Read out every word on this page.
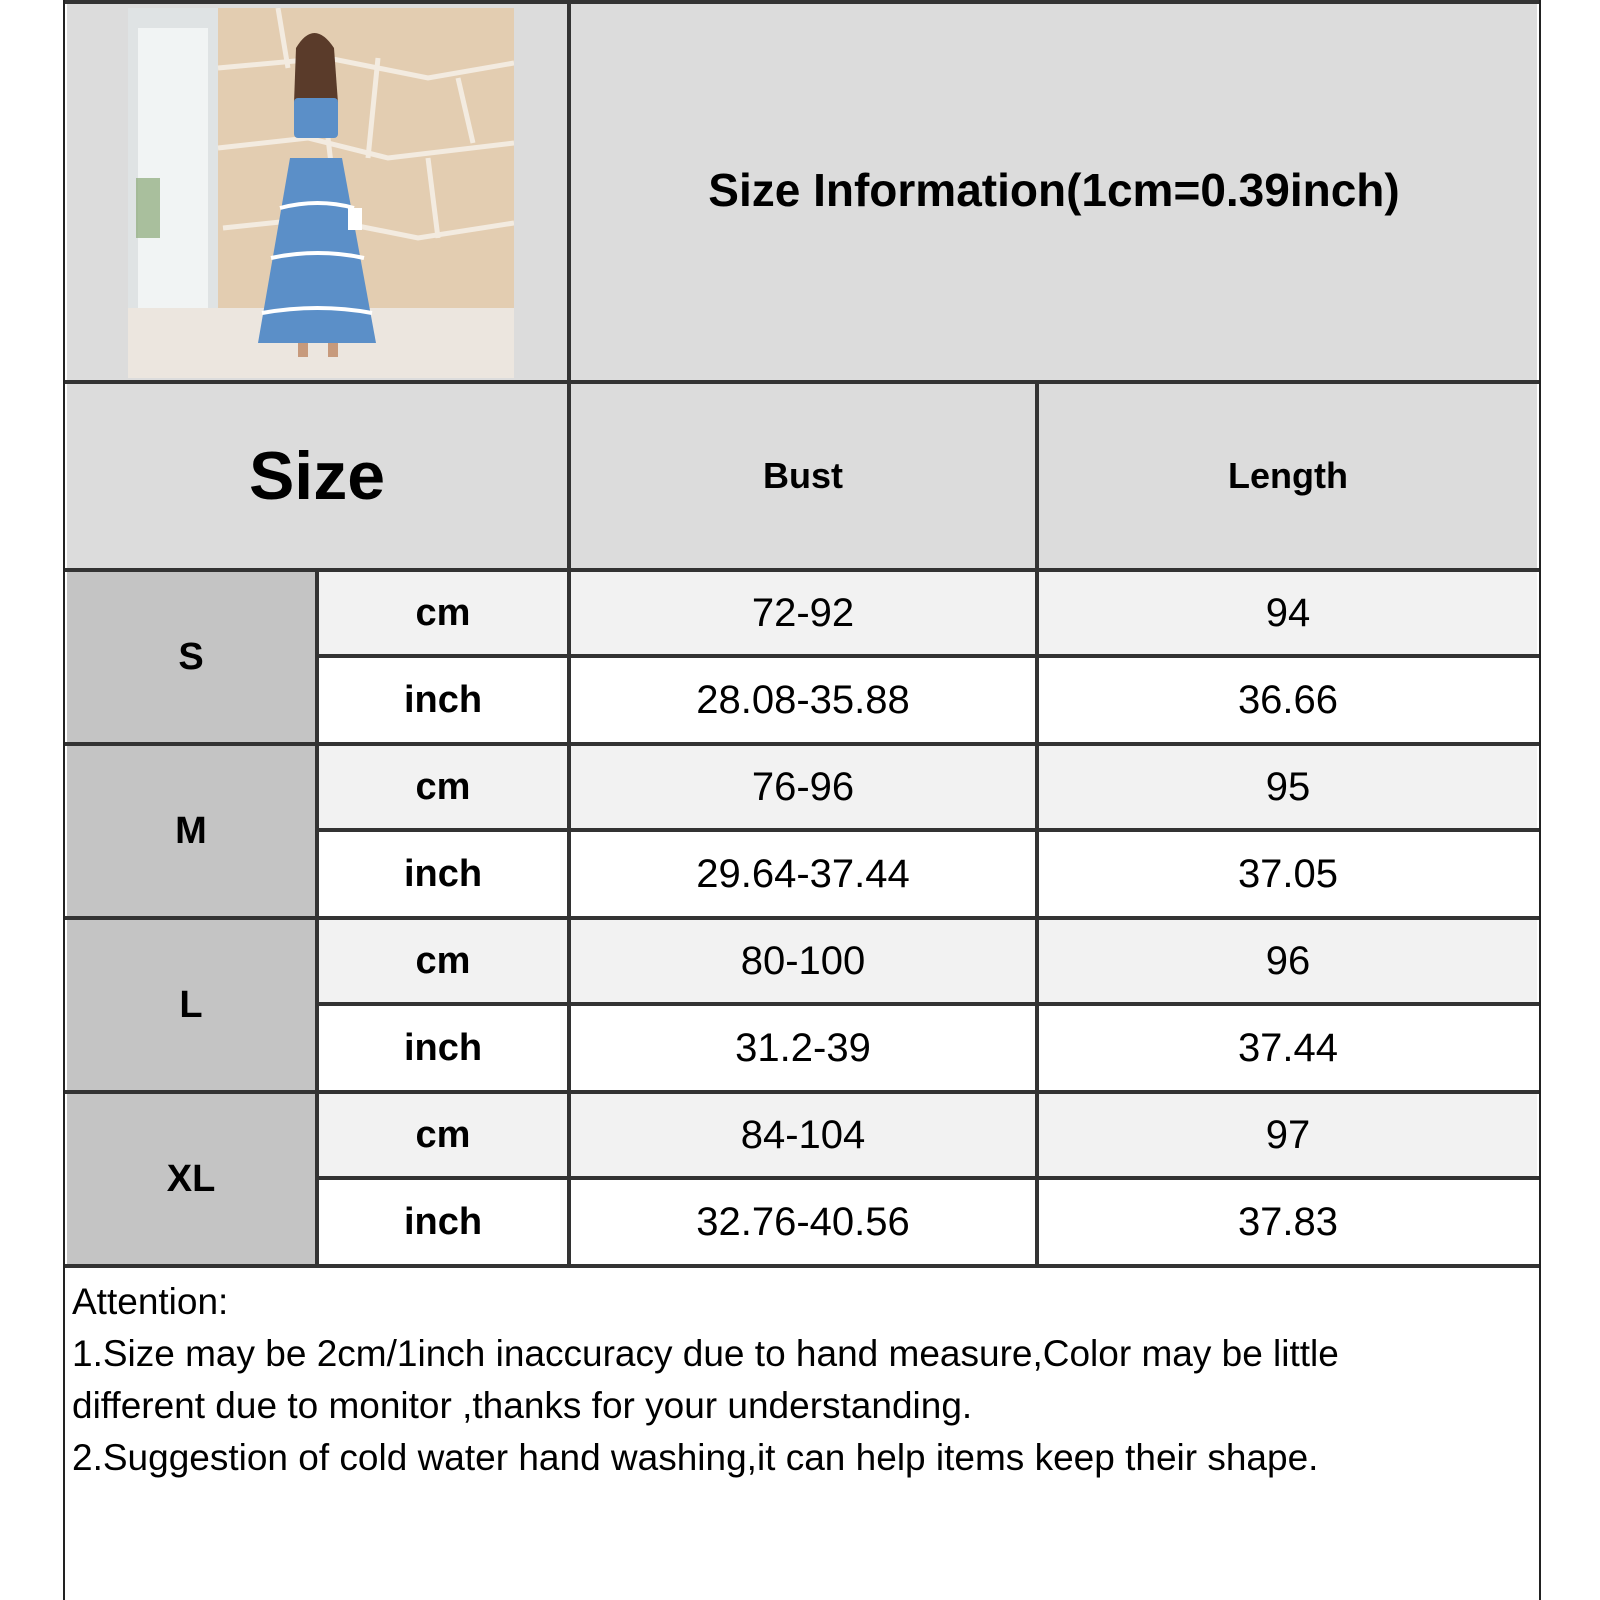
Size Information(1cm=0.39inch)
Size	Bust	Length
S
cm	72-92	94
inch	28.08-35.88	36.66
M
cm	76-96	95
inch	29.64-37.44	37.05
L
cm	80-100	96
inch	31.2-39	37.44
XL
cm	84-104	97
inch	32.76-40.56	37.83
Attention:
1.Size may be 2cm/1inch inaccuracy due to hand measure,Color may be little
different due to monitor ,thanks for your understanding.
2.Suggestion of cold water hand washing,it can help items keep their shape.
